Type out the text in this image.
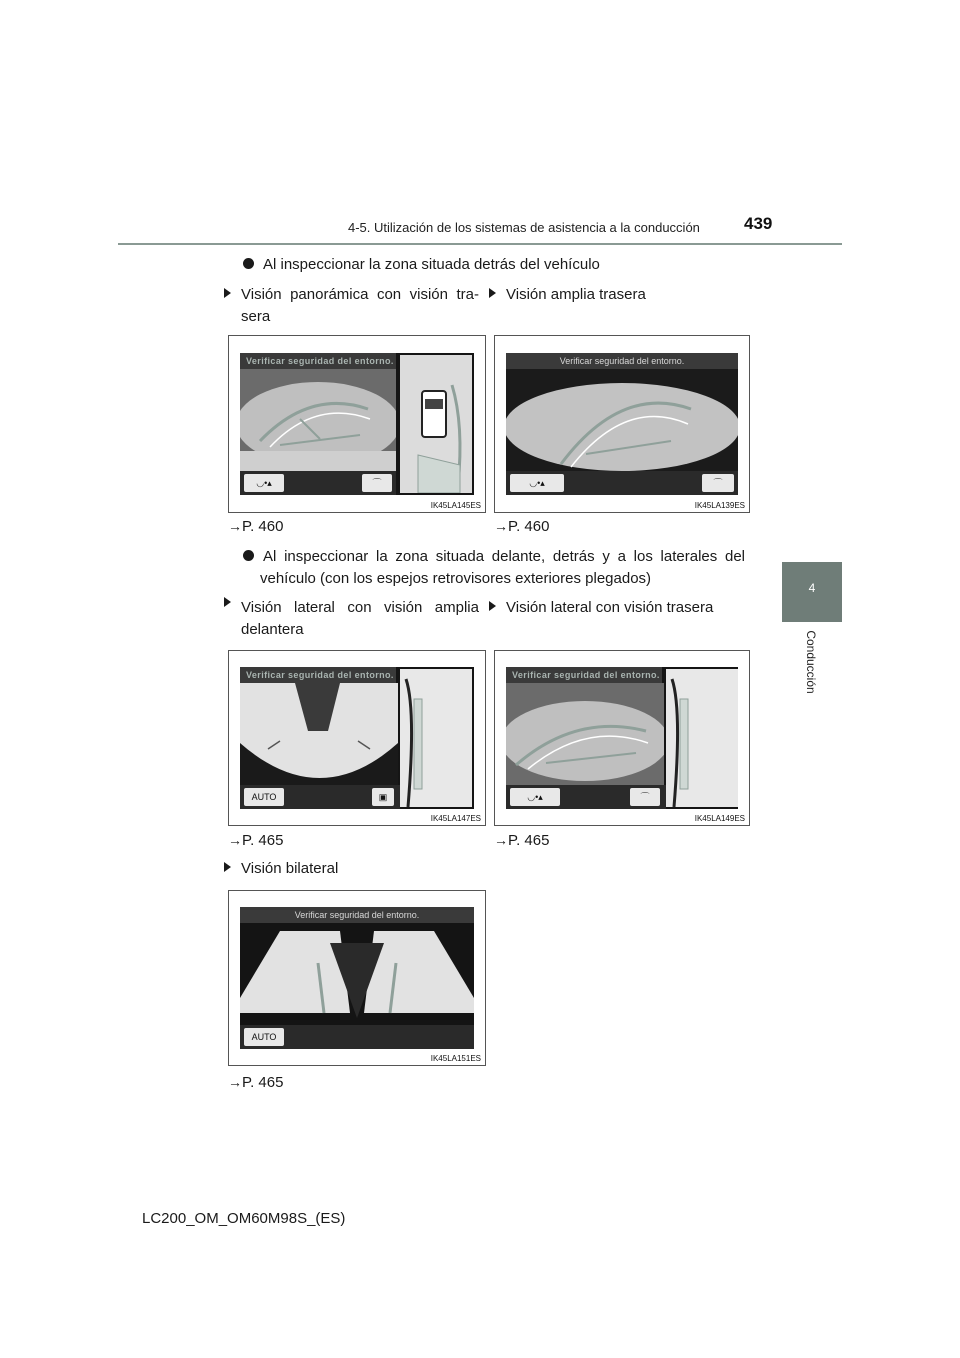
4-5. Utilización de los sistemas de asistencia a la conducción	439
4
Conducción
Al inspeccionar la zona situada detrás del vehículo
Visión panorámica con visión tra-
sera
Visión amplia trasera
Verificar seguridad del entorno.
◡•▴	⌒
IK45LA145ES
Verificar seguridad del entorno.
◡•▴	⌒
IK45LA139ES
→P. 460	→P. 460
Al inspeccionar la zona situada delante, detrás y a los laterales del
vehículo (con los espejos retrovisores exteriores plegados)
Visión lateral con visión amplia
delantera
Visión lateral con visión trasera
Verificar seguridad del entorno.
AUTO	▣
IK45LA147ES
Verificar seguridad del entorno.
◡•▴	⌒
IK45LA149ES
→P. 465	→P. 465
Visión bilateral
Verificar seguridad del entorno.
AUTO
IK45LA151ES
→P. 465
LC200_OM_OM60M98S_(ES)
